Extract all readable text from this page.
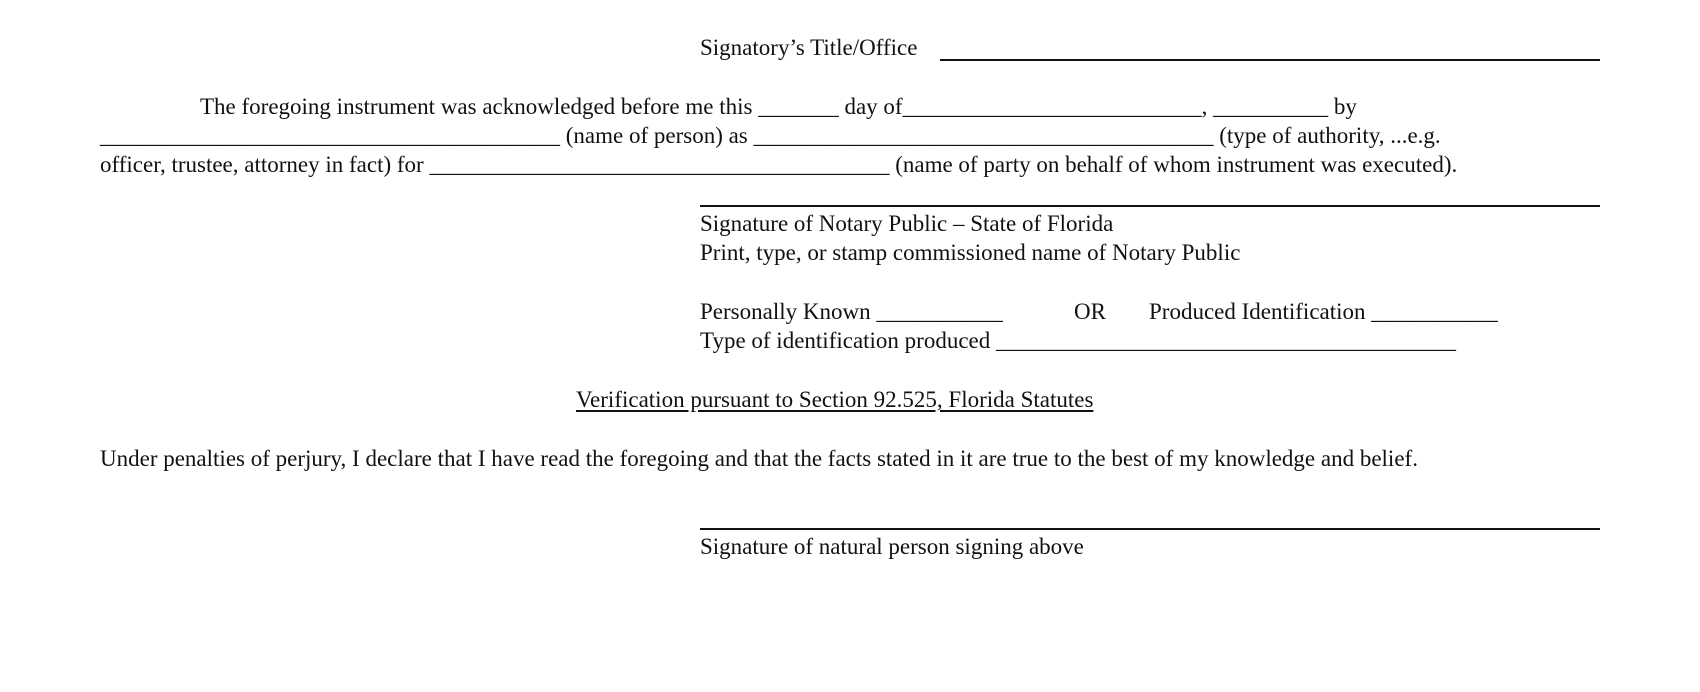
Signatory’s Title/Office
The foregoing instrument was acknowledged before me this _______ day of__________________________, __________ by
________________________________________ (name of person) as ________________________________________ (type of authority, ...e.g.
officer, trustee, attorney in fact) for ________________________________________ (name of party on behalf of whom instrument was executed).
Signature of Notary Public – State of Florida
Print, type, or stamp commissioned name of Notary Public
Personally Known ___________	OR Produced Identification ___________
Type of identification produced ________________________________________
Verification pursuant to Section 92.525, Florida Statutes
Under penalties of perjury, I declare that I have read the foregoing and that the facts stated in it are true to the best of my knowledge and belief.
Signature of natural person signing above
